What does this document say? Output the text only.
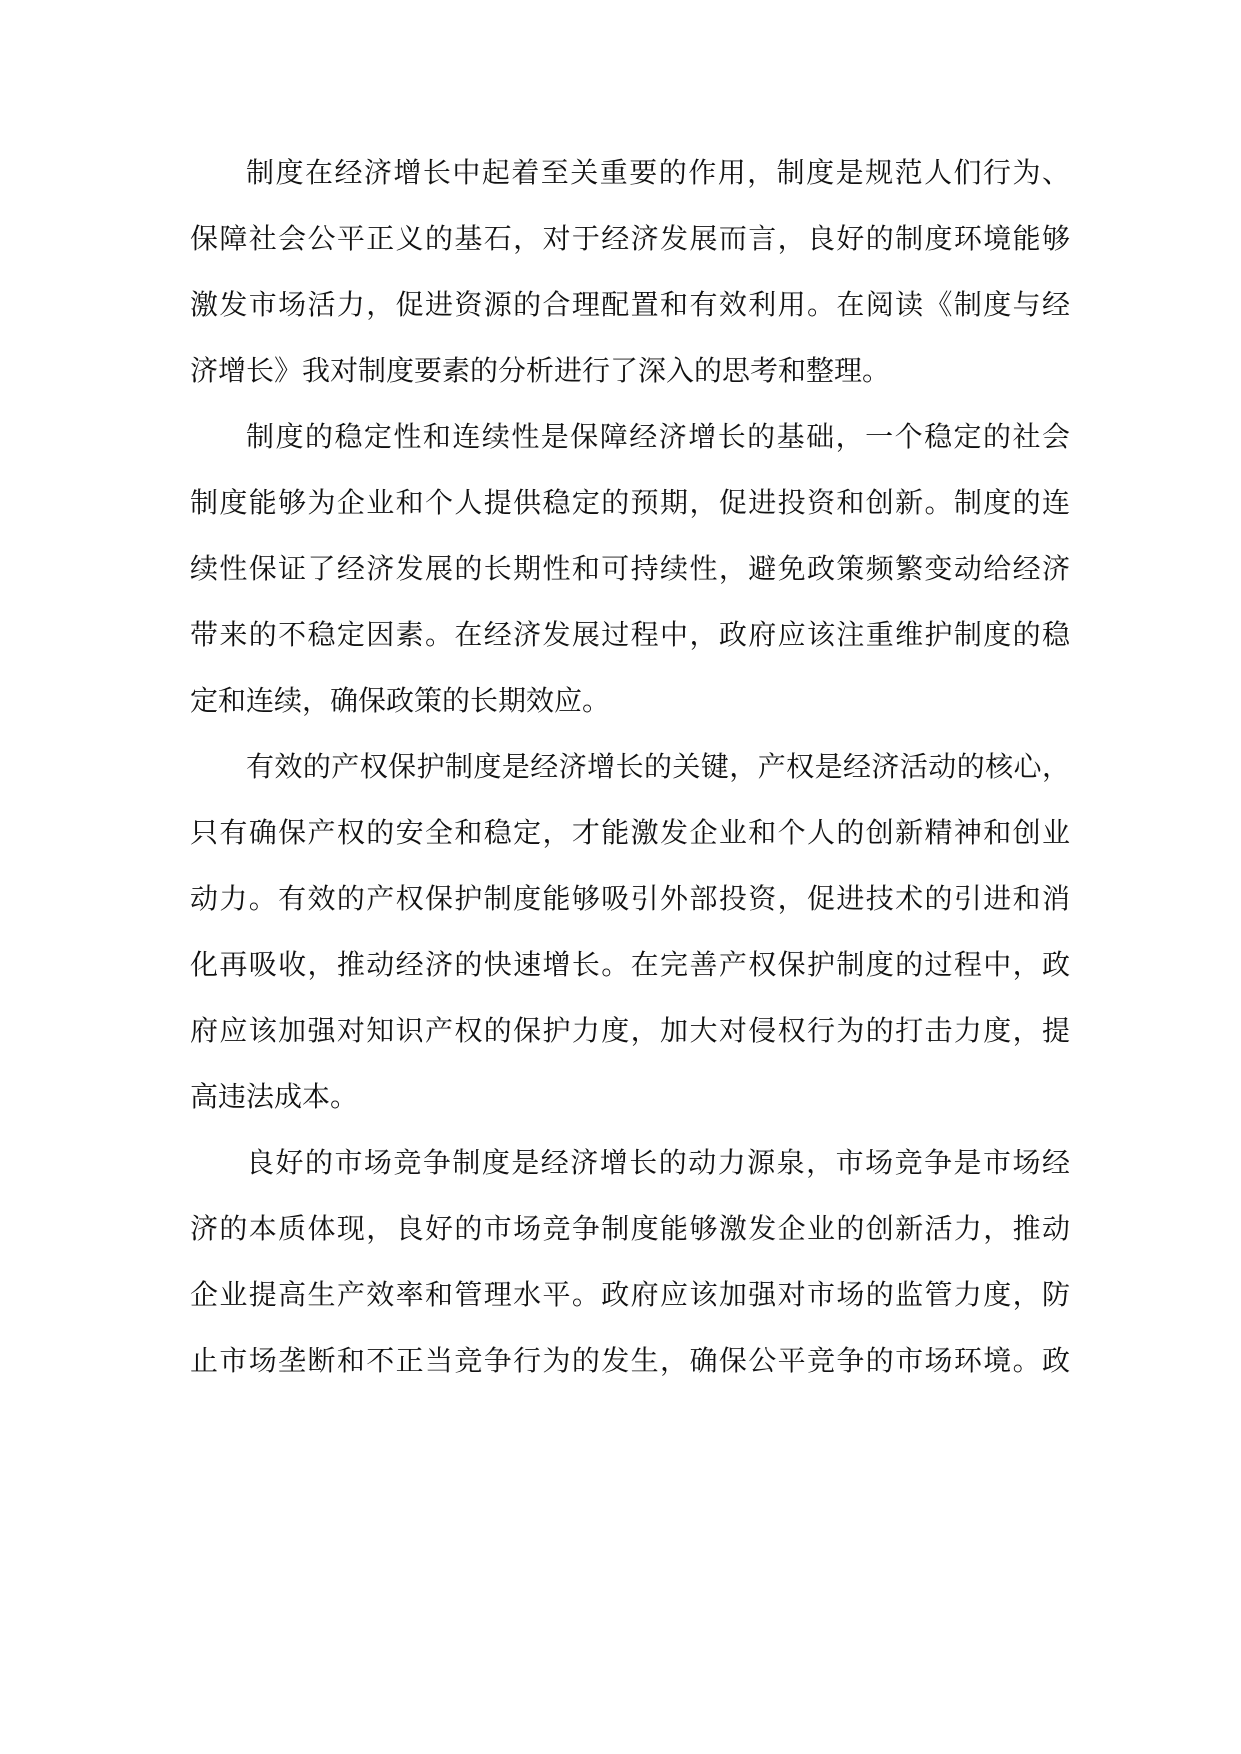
制度在经济增长中起着至关重要的作用，制度是规范人们行为、
保障社会公平正义的基石，对于经济发展而言，良好的制度环境能够
激发市场活力，促进资源的合理配置和有效利用。在阅读《制度与经
济增长》我对制度要素的分析进行了深入的思考和整理。
制度的稳定性和连续性是保障经济增长的基础，一个稳定的社会
制度能够为企业和个人提供稳定的预期，促进投资和创新。制度的连
续性保证了经济发展的长期性和可持续性，避免政策频繁变动给经济
带来的不稳定因素。在经济发展过程中，政府应该注重维护制度的稳
定和连续，确保政策的长期效应。
有效的产权保护制度是经济增长的关键，产权是经济活动的核心，
只有确保产权的安全和稳定，才能激发企业和个人的创新精神和创业
动力。有效的产权保护制度能够吸引外部投资，促进技术的引进和消
化再吸收，推动经济的快速增长。在完善产权保护制度的过程中，政
府应该加强对知识产权的保护力度，加大对侵权行为的打击力度，提
高违法成本。
良好的市场竞争制度是经济增长的动力源泉，市场竞争是市场经
济的本质体现，良好的市场竞争制度能够激发企业的创新活力，推动
企业提高生产效率和管理水平。政府应该加强对市场的监管力度，防
止市场垄断和不正当竞争行为的发生，确保公平竞争的市场环境。政
